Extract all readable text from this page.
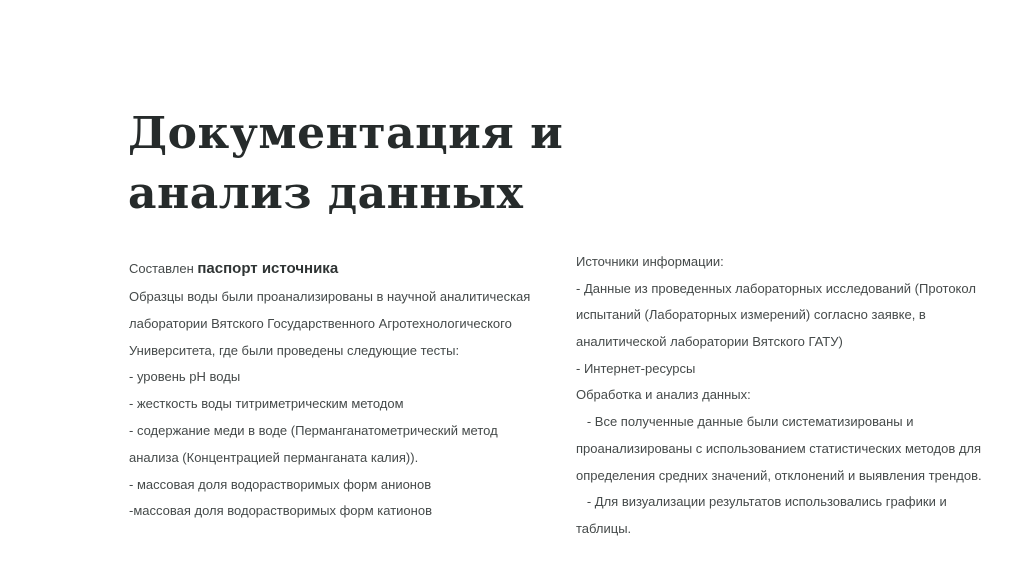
Документация и
анализ данных
Составлен паспорт источника
Образцы воды были проанализированы в научной аналитическая
лаборатории Вятского Государственного Агротехнологического
Университета, где были проведены следующие тесты:
- уровень pH воды
- жесткость воды титриметрическим методом
- содержание меди в воде (Перманганатометрический метод
анализа (Концентрацией перманганата калия)).
- массовая доля водорастворимых форм анионов
-массовая доля водорастворимых форм катионов
Источники информации:
- Данные из проведенных лабораторных исследований (Протокол
испытаний (Лабораторных измерений) согласно заявке, в
аналитической лаборатории Вятского ГАТУ)
- Интернет-ресурсы
Обработка и анализ данных:
- Все полученные данные были систематизированы и
проанализированы с использованием статистических методов для
определения средних значений, отклонений и выявления трендов.
- Для визуализации результатов использовались графики и
таблицы.
